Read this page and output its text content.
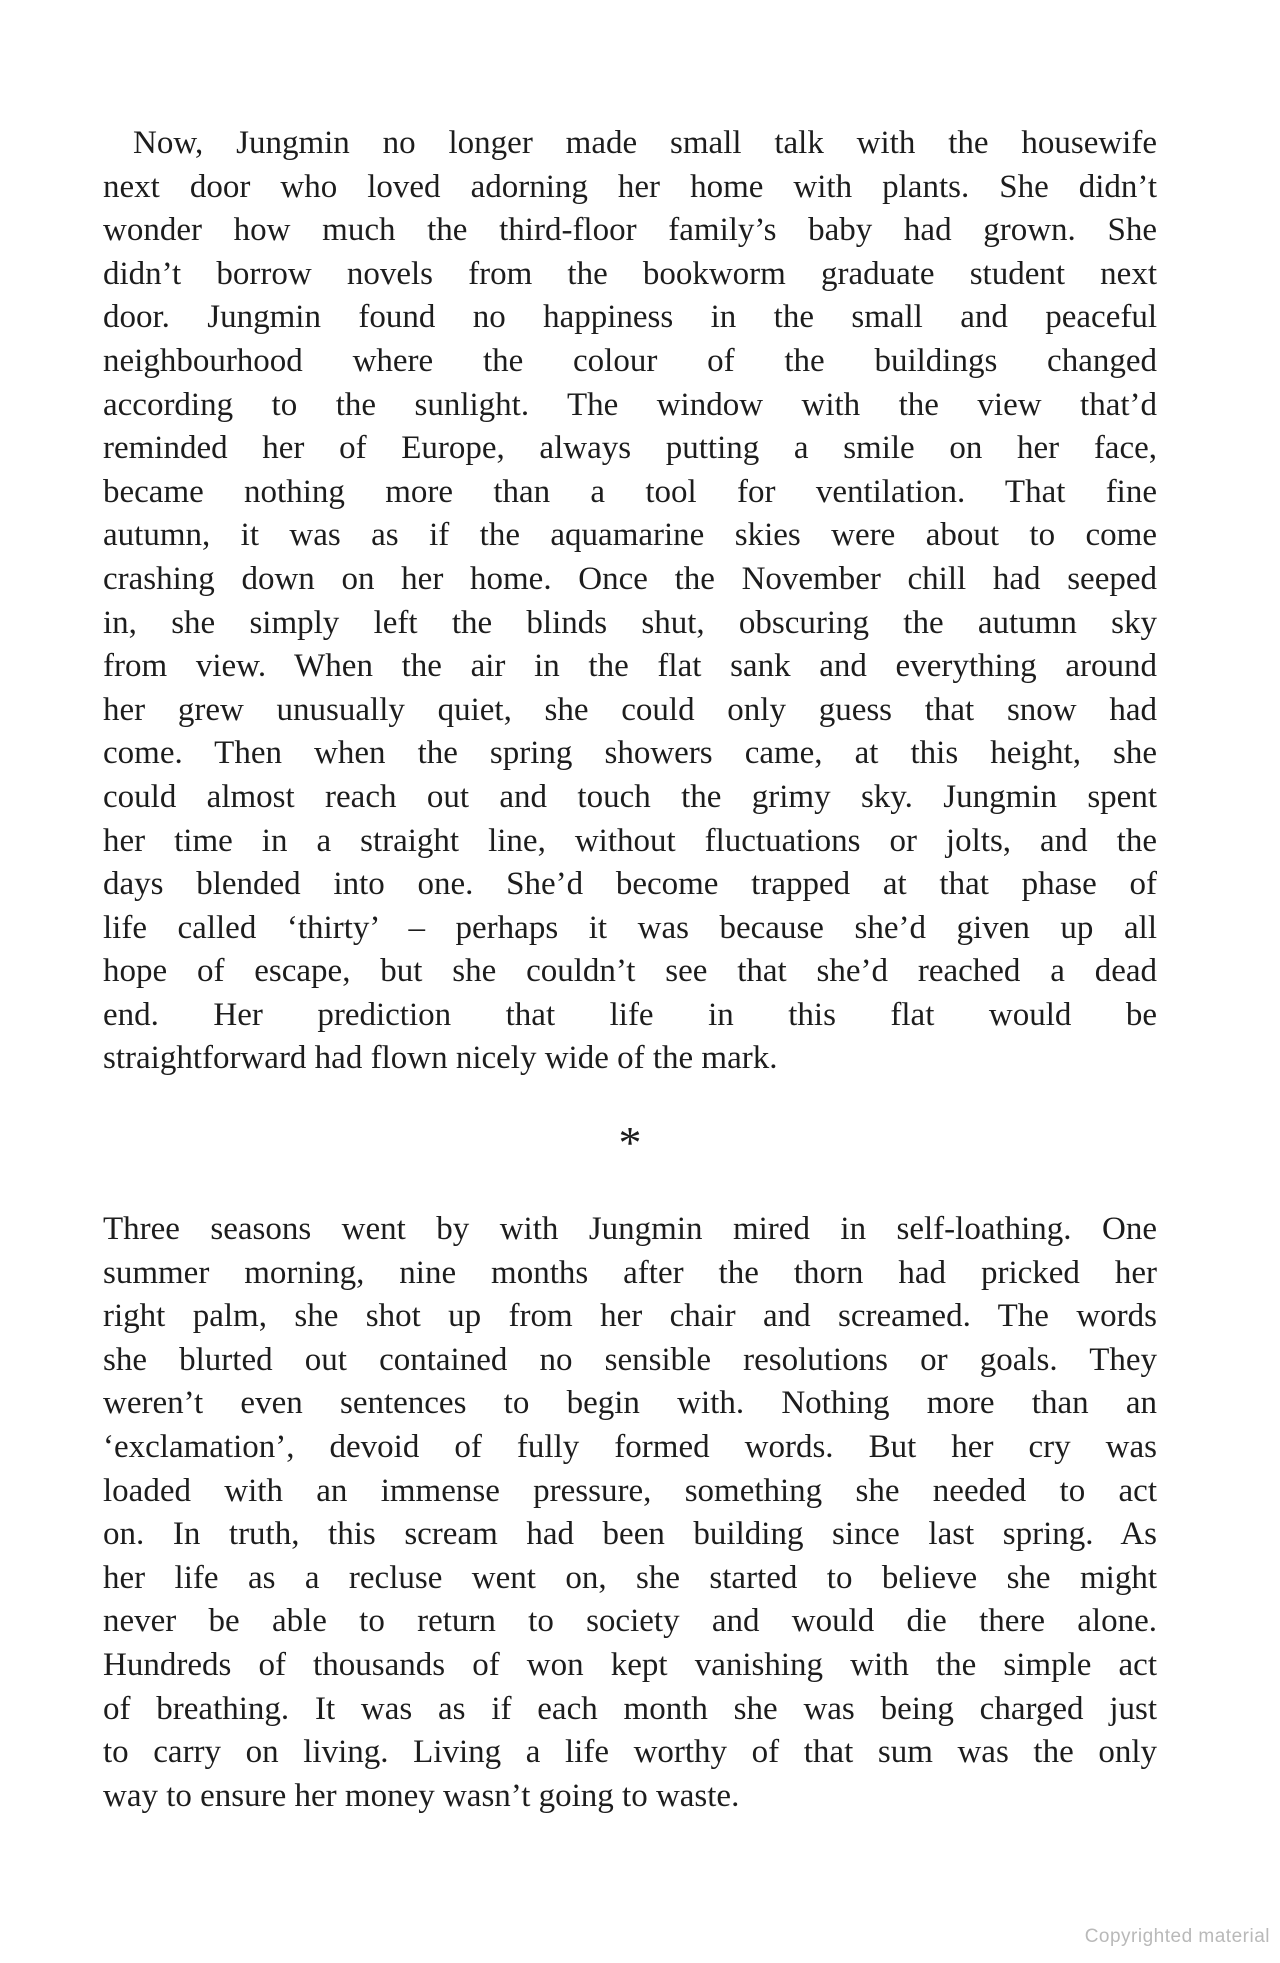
Now, Jungmin no longer made small talk with the housewife
next door who loved adorning her home with plants. She didn’t
wonder how much the third-floor family’s baby had grown. She
didn’t borrow novels from the bookworm graduate student next
door. Jungmin found no happiness in the small and peaceful
neighbourhood where the colour of the buildings changed
according to the sunlight. The window with the view that’d
reminded her of Europe, always putting a smile on her face,
became nothing more than a tool for ventilation. That fine
autumn, it was as if the aquamarine skies were about to come
crashing down on her home. Once the November chill had seeped
in, she simply left the blinds shut, obscuring the autumn sky
from view. When the air in the flat sank and everything around
her grew unusually quiet, she could only guess that snow had
come. Then when the spring showers came, at this height, she
could almost reach out and touch the grimy sky. Jungmin spent
her time in a straight line, without fluctuations or jolts, and the
days blended into one. She’d become trapped at that phase of
life called ‘thirty’ – perhaps it was because she’d given up all
hope of escape, but she couldn’t see that she’d reached a dead
end. Her prediction that life in this flat would be
straightforward had flown nicely wide of the mark.
*
Three seasons went by with Jungmin mired in self-loathing. One
summer morning, nine months after the thorn had pricked her
right palm, she shot up from her chair and screamed. The words
she blurted out contained no sensible resolutions or goals. They
weren’t even sentences to begin with. Nothing more than an
‘exclamation’, devoid of fully formed words. But her cry was
loaded with an immense pressure, something she needed to act
on. In truth, this scream had been building since last spring. As
her life as a recluse went on, she started to believe she might
never be able to return to society and would die there alone.
Hundreds of thousands of won kept vanishing with the simple act
of breathing. It was as if each month she was being charged just
to carry on living. Living a life worthy of that sum was the only
way to ensure her money wasn’t going to waste.
Copyrighted material
